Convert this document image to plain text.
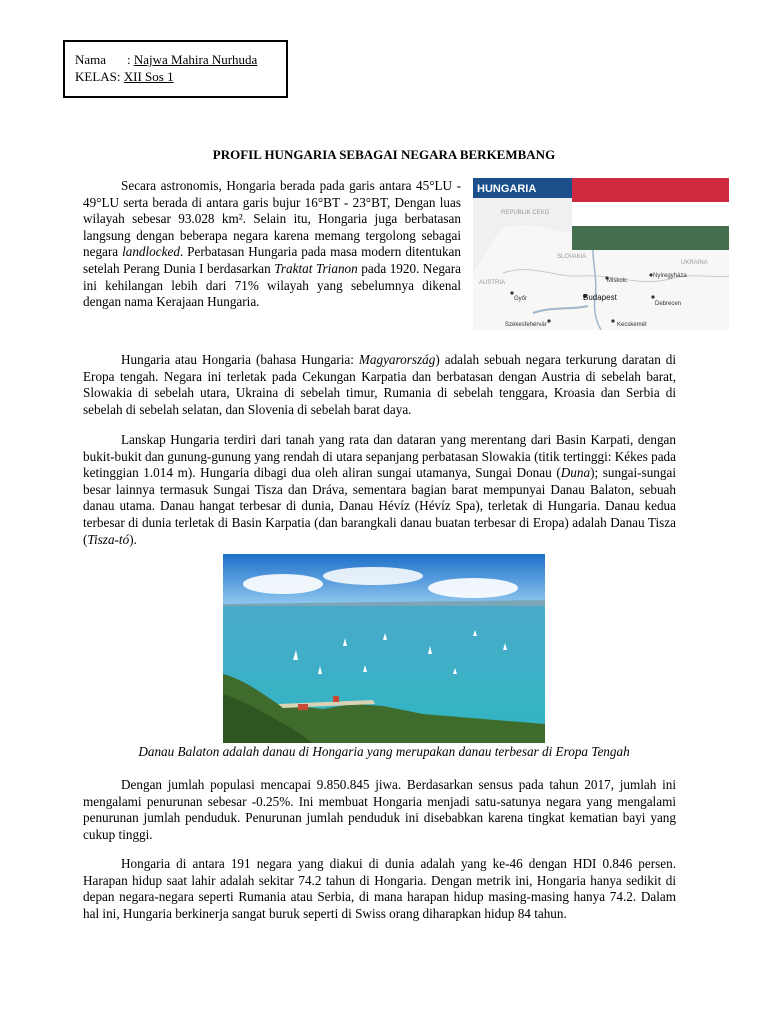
Nama : Najwa Mahira Nurhuda
KELAS: XII Sos 1
PROFIL HUNGARIA SEBAGAI NEGARA BERKEMBANG

Secara astronomis, Hongaria berada pada garis antara 45°LU - 49°LU serta berada di antara garis bujur 16°BT - 23°BT, Dengan luas wilayah sebesar 93.028 km². Selain itu, Hongaria juga berbatasan langsung dengan beberapa negara karena memang tergolong sebagai negara landlocked. Perbatasan Hungaria pada masa modern ditentukan setelah Perang Dunia I berdasarkan Traktat Trianon pada 1920. Negara ini kehilangan lebih dari 71% wilayah yang sebelumnya dikenal dengan nama Kerajaan Hungaria.

HUNGARIA
REPUBLIK CEKO
SLOVAKIA
UKRAINA
AUSTRIA	Miskolc
Nyíregyháza
Győr	Budapest
Debrecen
Székesfehérvár	Kecskemét

Hungaria atau Hongaria (bahasa Hungaria: Magyarország) adalah sebuah negara terkurung daratan di Eropa tengah. Negara ini terletak pada Cekungan Karpatia dan berbatasan dengan Austria di sebelah barat, Slowakia di sebelah utara, Ukraina di sebelah timur, Rumania di sebelah tenggara, Kroasia dan Serbia di sebelah di sebelah selatan, dan Slovenia di sebelah barat daya.

Lanskap Hungaria terdiri dari tanah yang rata dan dataran yang merentang dari Basin Karpati, dengan bukit-bukit dan gunung-gunung yang rendah di utara sepanjang perbatasan Slowakia (titik tertinggi: Kékes pada ketinggian 1.014 m). Hungaria dibagi dua oleh aliran sungai utamanya, Sungai Donau (Duna); sungai-sungai besar lainnya termasuk Sungai Tisza dan Dráva, sementara bagian barat mempunyai Danau Balaton, sebuah danau utama. Danau hangat terbesar di dunia, Danau Hévíz (Hévíz Spa), terletak di Hungaria. Danau kedua terbesar di dunia terletak di Basin Karpatia (dan barangkali danau buatan terbesar di Eropa) adalah Danau Tisza (Tisza-tó).

Danau Balaton adalah danau di Hongaria yang merupakan danau terbesar di Eropa Tengah

Dengan jumlah populasi mencapai 9.850.845 jiwa. Berdasarkan sensus pada tahun 2017, jumlah ini mengalami penurunan sebesar -0.25%. Ini membuat Hongaria menjadi satu-satunya negara yang mengalami penurunan jumlah penduduk. Penurunan jumlah penduduk ini disebabkan karena tingkat kematian bayi yang cukup tinggi.

Hongaria di antara 191 negara yang diakui di dunia adalah yang ke-46 dengan HDI 0.846 persen. Harapan hidup saat lahir adalah sekitar 74.2 tahun di Hongaria. Dengan metrik ini, Hongaria hanya sedikit di depan negara-negara seperti Rumania atau Serbia, di mana harapan hidup masing-masing hanya 74.2. Dalam hal ini, Hungaria berkinerja sangat buruk seperti di Swiss orang diharapkan hidup 84 tahun.
